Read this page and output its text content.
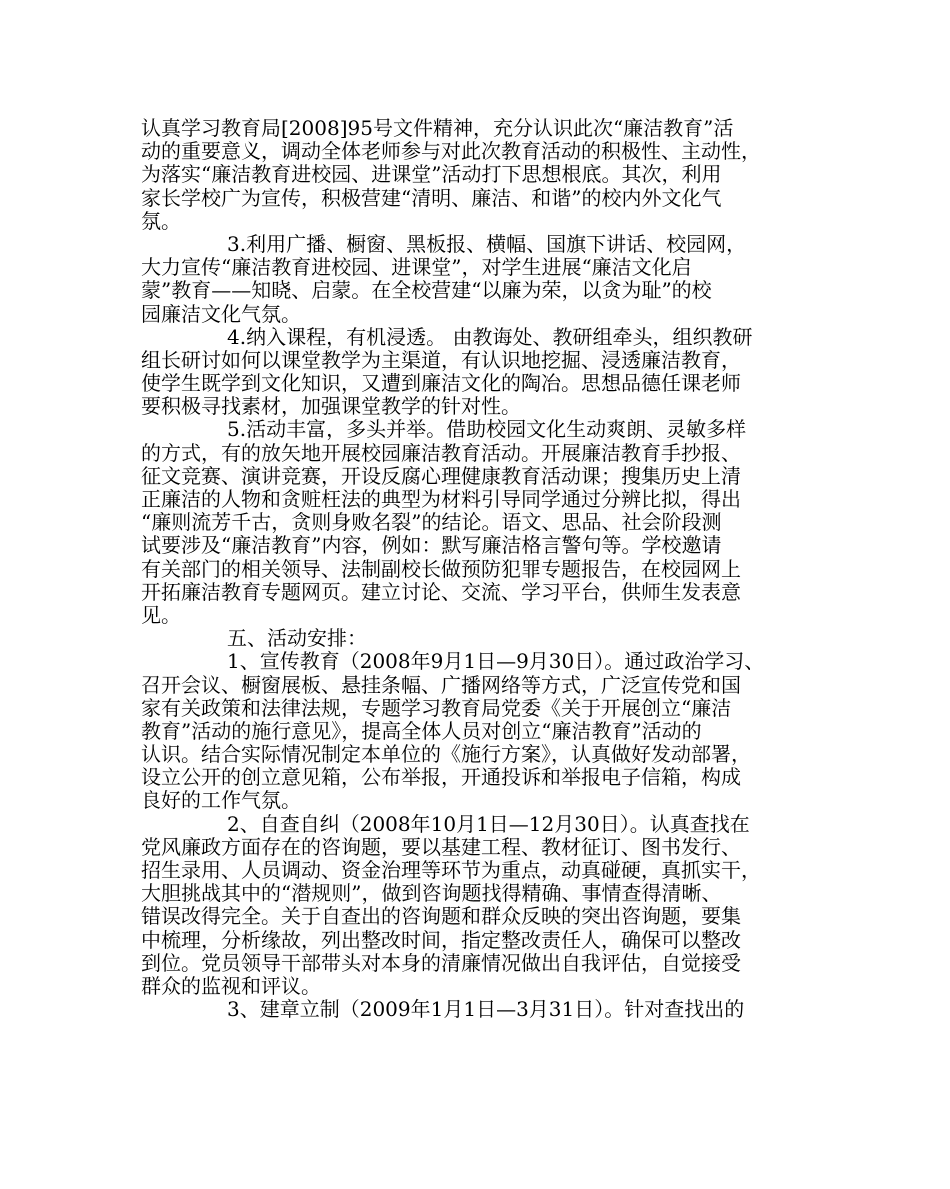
认真学习教育局[2008]95号文件精神，充分认识此次“廉洁教育”活
动的重要意义，调动全体老师参与对此次教育活动的积极性、主动性，
为落实“廉洁教育进校园、进课堂”活动打下思想根底。其次，利用
家长学校广为宣传，积极营建“清明、廉洁、和谐”的校内外文化气
氛。
3.利用广播、橱窗、黑板报、横幅、国旗下讲话、校园网，
大力宣传“廉洁教育进校园、进课堂”，对学生进展“廉洁文化启
蒙”教育——知晓、启蒙。在全校营建“以廉为荣，以贪为耻”的校
园廉洁文化气氛。
4.纳入课程，有机浸透。 由教诲处、教研组牵头，组织教研
组长研讨如何以课堂教学为主渠道，有认识地挖掘、浸透廉洁教育，
使学生既学到文化知识，又遭到廉洁文化的陶冶。思想品德任课老师
要积极寻找素材，加强课堂教学的针对性。
5.活动丰富，多头并举。借助校园文化生动爽朗、灵敏多样
的方式，有的放矢地开展校园廉洁教育活动。开展廉洁教育手抄报、
征文竞赛、演讲竞赛，开设反腐心理健康教育活动课；搜集历史上清
正廉洁的人物和贪赃枉法的典型为材料引导同学通过分辨比拟，得出
“廉则流芳千古，贪则身败名裂”的结论。语文、思品、社会阶段测
试要涉及“廉洁教育”内容，例如：默写廉洁格言警句等。学校邀请
有关部门的相关领导、法制副校长做预防犯罪专题报告，在校园网上
开拓廉洁教育专题网页。建立讨论、交流、学习平台，供师生发表意
见。
五、活动安排：
1、宣传教育（2008年9月1日—9月30日）。通过政治学习、
召开会议、橱窗展板、悬挂条幅、广播网络等方式，广泛宣传党和国
家有关政策和法律法规，专题学习教育局党委《关于开展创立“廉洁
教育”活动的施行意见》，提高全体人员对创立“廉洁教育”活动的
认识。结合实际情况制定本单位的《施行方案》，认真做好发动部署，
设立公开的创立意见箱，公布举报，开通投诉和举报电子信箱，构成
良好的工作气氛。
2、自查自纠（2008年10月1日—12月30日）。认真查找在
党风廉政方面存在的咨询题，要以基建工程、教材征订、图书发行、
招生录用、人员调动、资金治理等环节为重点，动真碰硬，真抓实干，
大胆挑战其中的“潜规则”，做到咨询题找得精确、事情查得清晰、
错误改得完全。关于自查出的咨询题和群众反映的突出咨询题，要集
中梳理，分析缘故，列出整改时间，指定整改责任人，确保可以整改
到位。党员领导干部带头对本身的清廉情况做出自我评估，自觉接受
群众的监视和评议。
3、建章立制（2009年1月1日—3月31日）。针对查找出的
